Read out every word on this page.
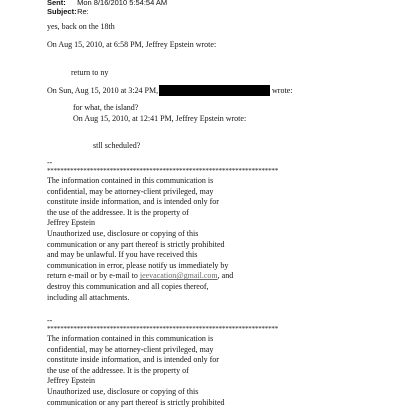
Sent: Mon 8/16/2010 5:54:54 AM
Subject: Re:
yes, back on the 18th
On Aug 15, 2010, at 6:58 PM, Jeffrey Epstein wrote:
return to ny
On Sun, Aug 15, 2010 at 3:24 PM,	wrote:
for what, the island?
On Aug 15, 2010, at 12:41 PM, Jeffrey Epstein wrote:
stll scheduled?
--
**********************************************************************
The information contained in this communication is
confidential, may be attorney-client privileged, may
constitute inside information, and is intended only for
the use of the addressee. It is the property of
Jeffrey Epstein
Unauthorized use, disclosure or copying of this
communication or any part thereof is strictly prohibited
and may be unlawful. If you have received this
communication in error, please notify us immediately by
return e-mail or by e-mail to jeevacation@gmail.com, and
destroy this communication and all copies thereof,
including all attachments.
--
**********************************************************************
The information contained in this communication is
confidential, may be attorney-client privileged, may
constitute inside information, and is intended only for
the use of the addressee. It is the property of
Jeffrey Epstein
Unauthorized use, disclosure or copying of this
communication or any part thereof is strictly prohibited
